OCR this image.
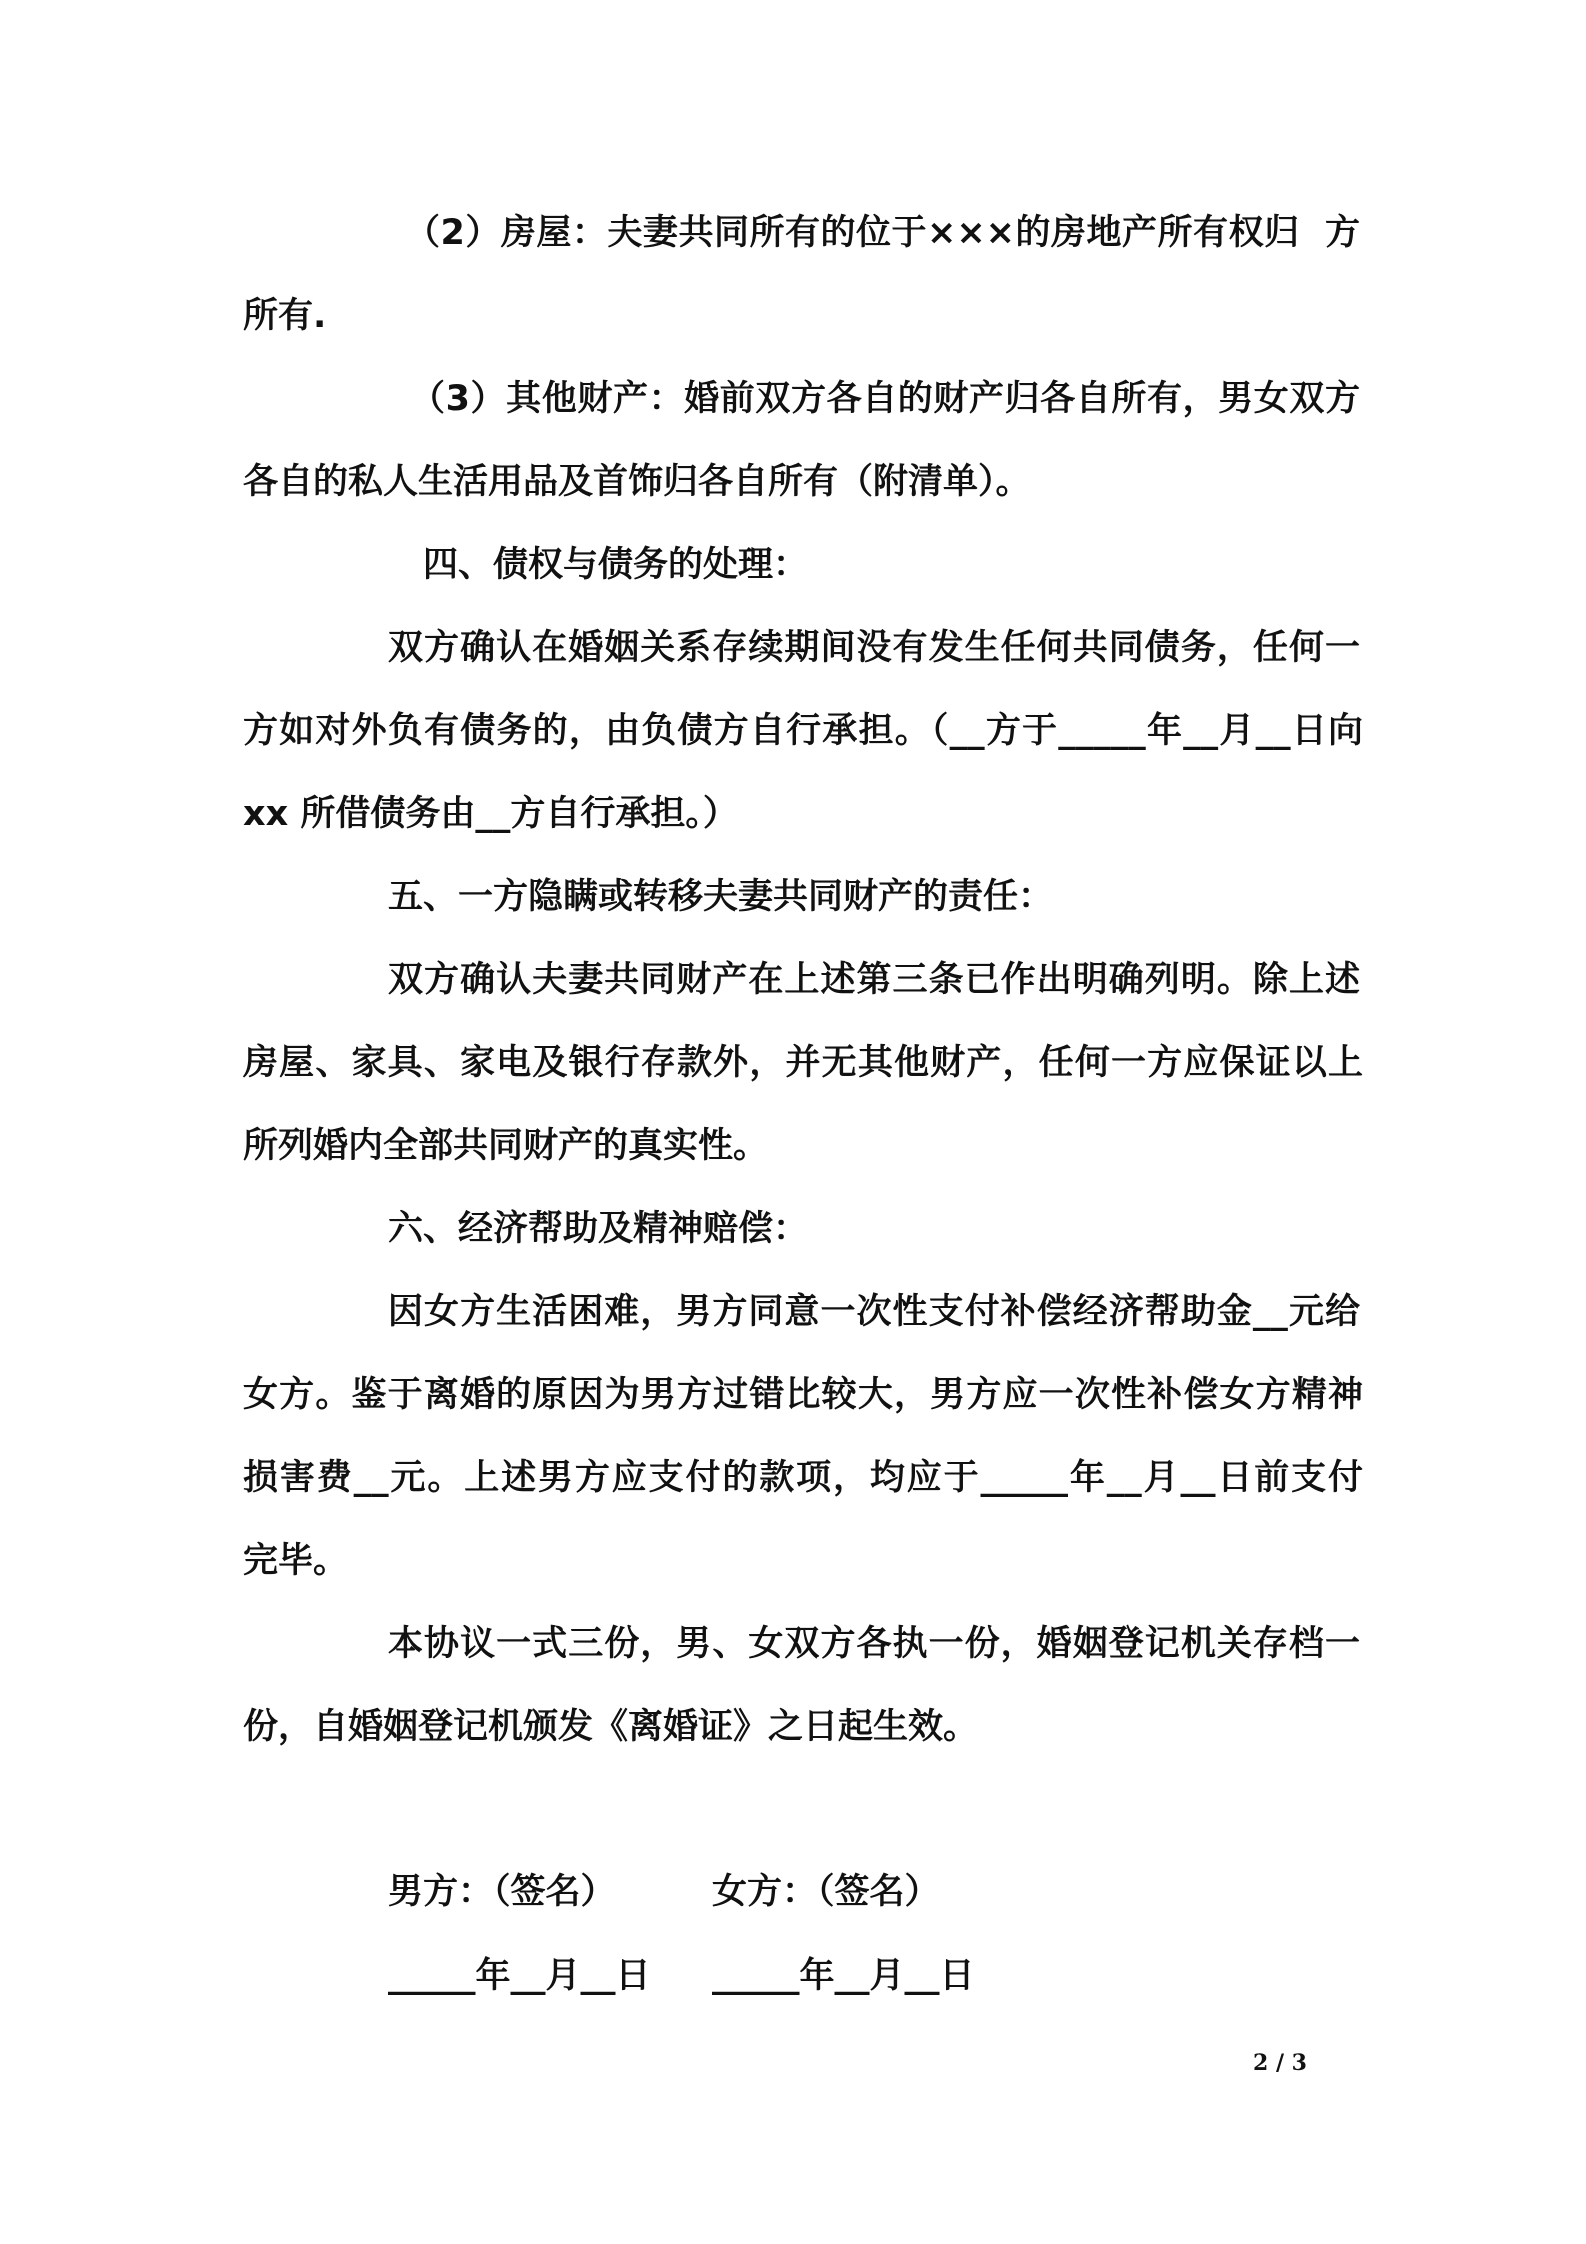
（2）房屋：夫妻共同所有的位于×××的房地产所有权归  方
所有.
（3）其他财产：婚前双方各自的财产归各自所有，男女双方
各自的私人生活用品及首饰归各自所有（附清单）。
四、债权与债务的处理：
双方确认在婚姻关系存续期间没有发生任何共同债务，任何一
方如对外负有债务的，由负债方自行承担。（__方于_____年__月__日向
xx 所借债务由__方自行承担。）
五、一方隐瞒或转移夫妻共同财产的责任：
双方确认夫妻共同财产在上述第三条已作出明确列明。除上述
房屋、家具、家电及银行存款外，并无其他财产，任何一方应保证以上
所列婚内全部共同财产的真实性。
六、经济帮助及精神赔偿：
因女方生活困难，男方同意一次性支付补偿经济帮助金__元给
女方。鉴于离婚的原因为男方过错比较大，男方应一次性补偿女方精神
损害费__元。上述男方应支付的款项，均应于_____年__月__日前支付
完毕。
本协议一式三份，男、女双方各执一份，婚姻登记机关存档一
份，自婚姻登记机颁发《离婚证》之日起生效。
男方：（签名）	女方：（签名）
_____年__月__日 _____年__月__日
2 / 3
